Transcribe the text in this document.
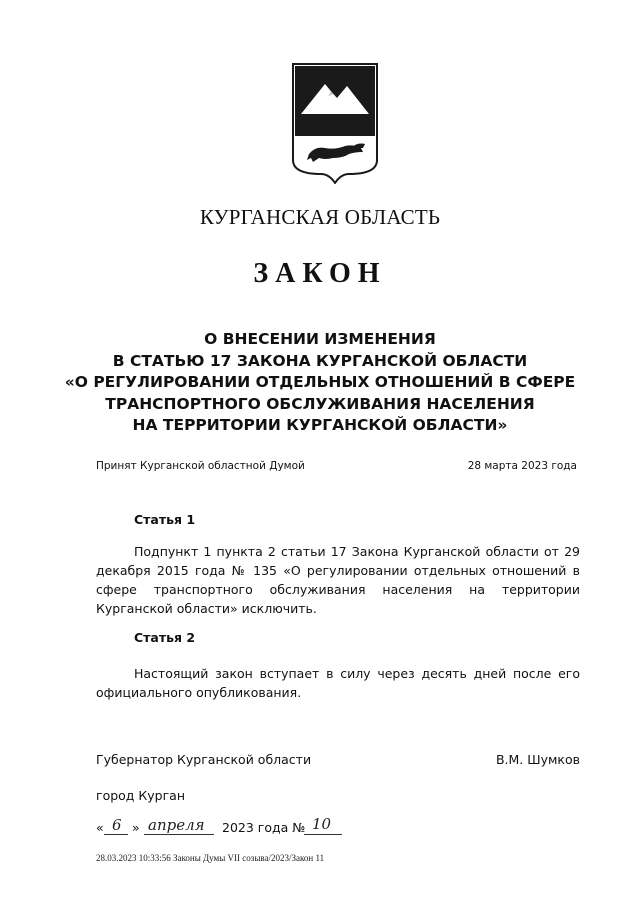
КУРГАНСКАЯ ОБЛАСТЬ
ЗАКОН
О ВНЕСЕНИИ ИЗМЕНЕНИЯ
В СТАТЬЮ 17 ЗАКОНА КУРГАНСКОЙ ОБЛАСТИ
«О РЕГУЛИРОВАНИИ ОТДЕЛЬНЫХ ОТНОШЕНИЙ В СФЕРЕ
ТРАНСПОРТНОГО ОБСЛУЖИВАНИЯ НАСЕЛЕНИЯ
НА ТЕРРИТОРИИ КУРГАНСКОЙ ОБЛАСТИ»
Принят Курганской областной Думой	28 марта 2023 года
Статья 1
Подпункт 1 пункта 2 статьи 17 Закона Курганской области от 29 декабря 2015 года № 135 «О регулировании отдельных отношений в сфере транспортного обслуживания населения на территории Курганской области» исключить.
Статья 2
Настоящий закон вступает в силу через десять дней после его официального опубликования.
Губернатор Курганской области	В.М. Шумков
город Курган
« 6 » апреля 2023 года № 10
28.03.2023 10:33:56 Законы Думы VII созыва/2023/Закон 11
